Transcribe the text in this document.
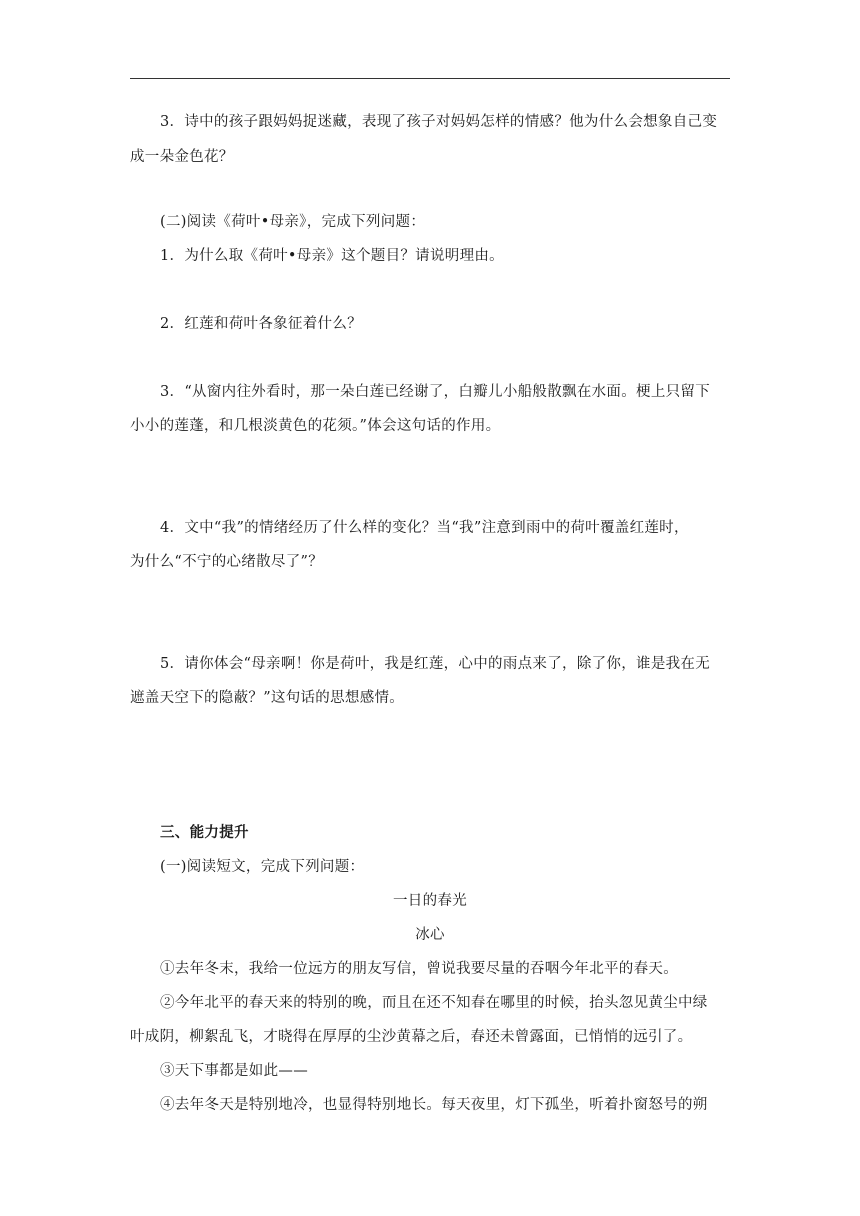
3．诗中的孩子跟妈妈捉迷藏，表现了孩子对妈妈怎样的情感？他为什么会想象自己变
成一朵金色花？
(二)阅读《荷叶•母亲》，完成下列问题：
1．为什么取《荷叶•母亲》这个题目？请说明理由。
2．红莲和荷叶各象征着什么？
3．“从窗内往外看时，那一朵白莲已经谢了，白瓣儿小船般散飘在水面。梗上只留下
小小的莲蓬，和几根淡黄色的花须。”体会这句话的作用。
4．文中“我”的情绪经历了什么样的变化？当“我”注意到雨中的荷叶覆盖红莲时，
为什么“不宁的心绪散尽了”？
5．请你体会“母亲啊！你是荷叶，我是红莲，心中的雨点来了，除了你，谁是我在无
遮盖天空下的隐蔽？”这句话的思想感情。
三、能力提升
(一)阅读短文，完成下列问题：
一日的春光
冰心
①去年冬末，我给一位远方的朋友写信，曾说我要尽量的吞咽今年北平的春天。
②今年北平的春天来的特别的晚，而且在还不知春在哪里的时候，抬头忽见黄尘中绿
叶成阴，柳絮乱飞，才晓得在厚厚的尘沙黄幕之后，春还未曾露面，已悄悄的远引了。
③天下事都是如此——
④去年冬天是特别地冷，也显得特别地长。每天夜里，灯下孤坐，听着扑窗怒号的朔
